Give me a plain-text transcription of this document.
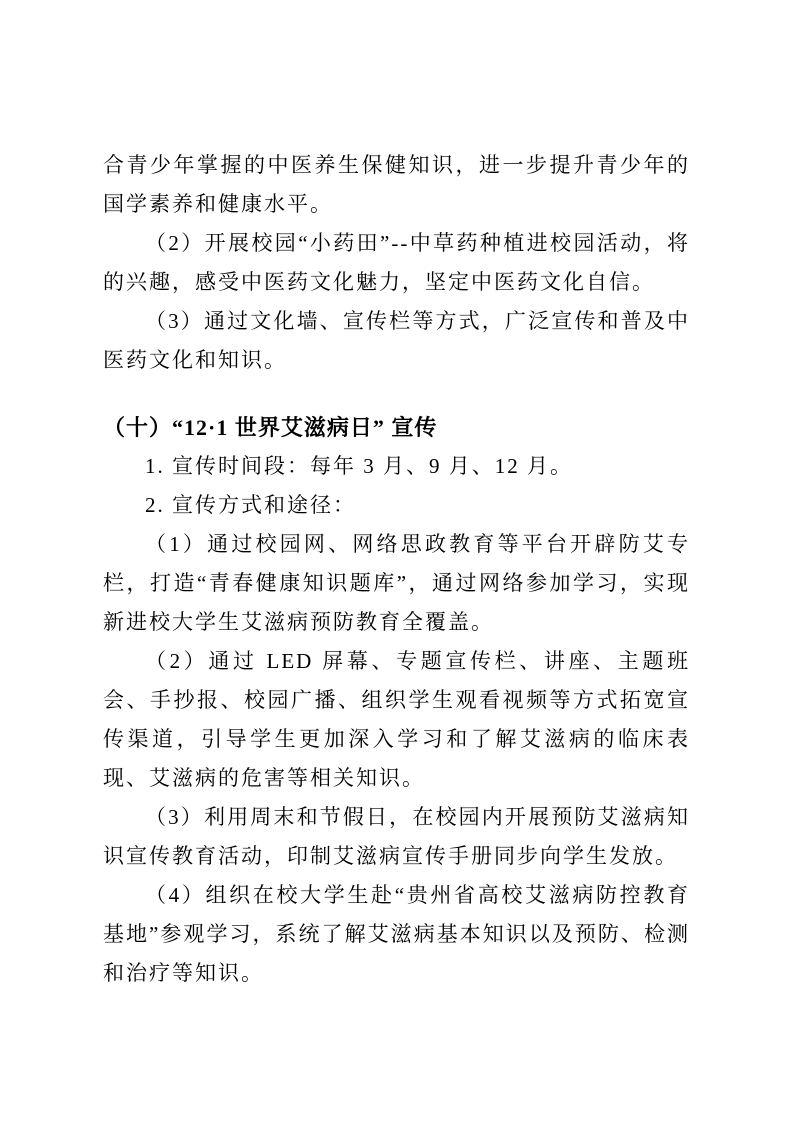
合青少年掌握的中医养生保健知识，进一步提升青少年的国学素养和健康水平。

（2）开展校园“小药田”--中草药种植进校园活动，将的兴趣，感受中医药文化魅力，坚定中医药文化自信。

（3）通过文化墙、宣传栏等方式，广泛宣传和普及中医药文化和知识。

（十）“12·1 世界艾滋病日” 宣传

1. 宣传时间段：每年 3 月、9 月、12 月。

2. 宣传方式和途径：

（1）通过校园网、网络思政教育等平台开辟防艾专栏，打造“青春健康知识题库”，通过网络参加学习，实现新进校大学生艾滋病预防教育全覆盖。

（2）通过 LED 屏幕、专题宣传栏、讲座、主题班会、手抄报、校园广播、组织学生观看视频等方式拓宽宣传渠道，引导学生更加深入学习和了解艾滋病的临床表现、艾滋病的危害等相关知识。

（3）利用周末和节假日，在校园内开展预防艾滋病知识宣传教育活动，印制艾滋病宣传手册同步向学生发放。

（4）组织在校大学生赴“贵州省高校艾滋病防控教育基地”参观学习，系统了解艾滋病基本知识以及预防、检测和治疗等知识。
